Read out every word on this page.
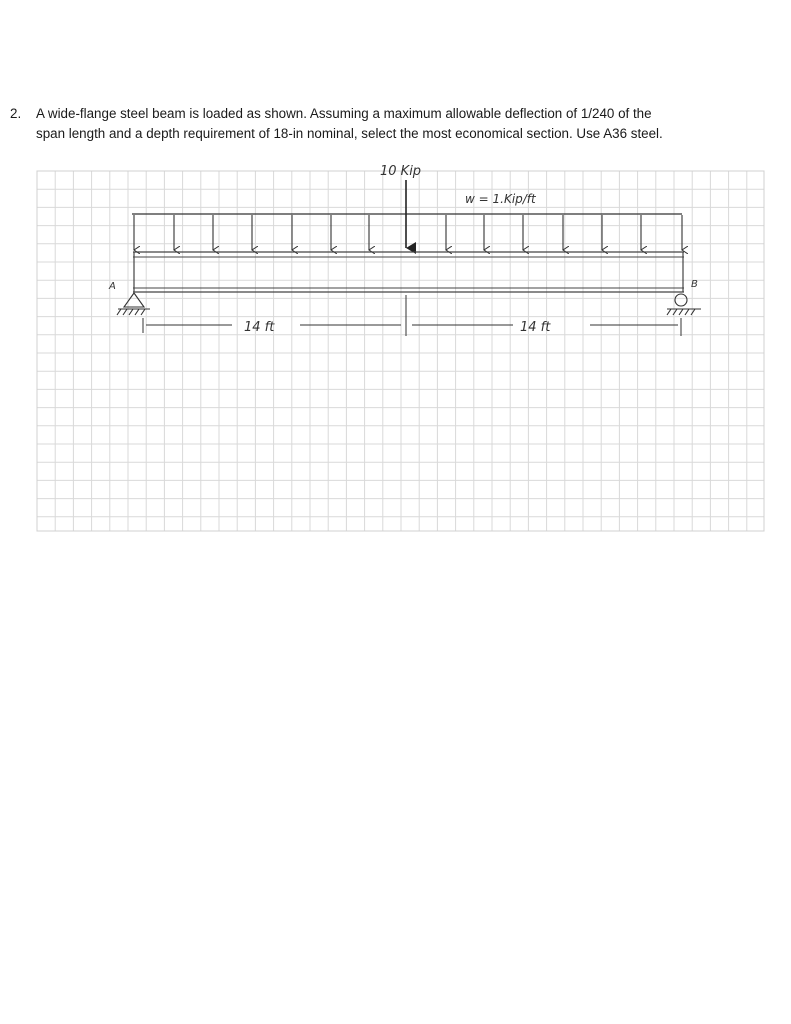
2. A wide-flange steel beam is loaded as shown. Assuming a maximum allowable deflection of 1/240 of the
span length and a depth requirement of 18-in nominal, select the most economical section. Use A36 steel.
10 Kip
w = 1.Kip/ft
A	B
14 ft	14 ft
